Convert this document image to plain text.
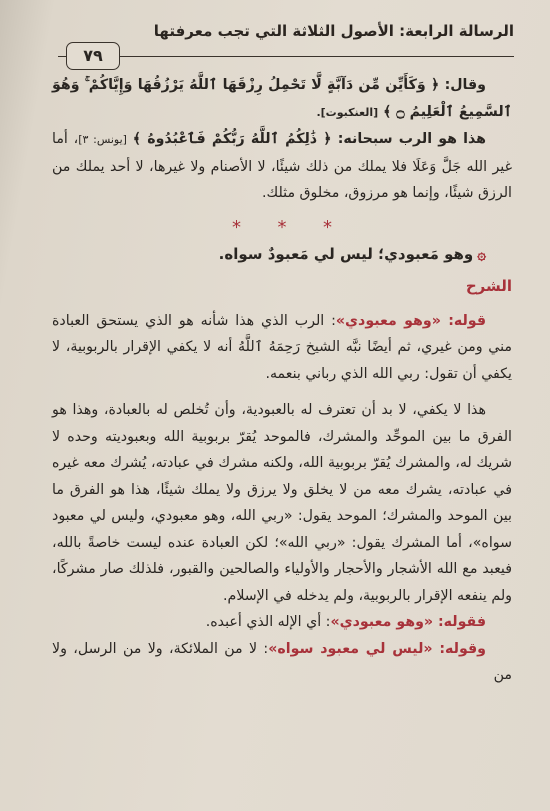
الرسالة الرابعة: الأصول الثلاثة التي تجب معرفتها
٧٩

وقال: ﴿ وَكَأَيِّن مِّن دَآبَّةٍ لَّا تَحْمِلُ رِزْقَهَا ٱللَّهُ يَرْزُقُهَا وَإِيَّاكُمْ ۚ وَهُوَ ٱلسَّمِيعُ ٱلْعَلِيمُ ۝ ﴾ [العنكبوت].

هذا هو الرب سبحانه: ﴿ ذَٰلِكُمُ ٱللَّهُ رَبُّكُمْ فَٱعْبُدُوهُ ﴾ [يونس: ٣]، أما غير الله جَلَّ وَعَلَا فلا يملك من ذلك شيئًا، لا الأصنام ولا غيرها، لا أحد يملك من الرزق شيئًا، وإنما هو مرزوق، مخلوق مثلك.

* * *

۞وهو مَعبودي؛ ليس لي مَعبودٌ سواه.

الشرح

قوله: «وهو معبودي»: الرب الذي هذا شأنه هو الذي يستحق العبادة مني ومن غيري، ثم أيضًا نبَّه الشيخ رَحِمَهُ ٱللَّهُ أنه لا يكفي الإقرار بالربوبية، لا يكفي أن تقول: ربي الله الذي رباني بنعمه.

هذا لا يكفي، لا بد أن تعترف له بالعبودية، وأن تُخلص له بالعبادة، وهذا هو الفرق ما بين الموحِّد والمشرك، فالموحد يُقرّ بربوبية الله وبعبوديته وحده لا شريك له، والمشرك يُقرّ بربوبية الله، ولكنه مشرك في عبادته، يُشرك معه غيره في عبادته، يشرك معه من لا يخلق ولا يرزق ولا يملك شيئًا، هذا هو الفرق ما بين الموحد والمشرك؛ الموحد يقول: «ربي الله، وهو معبودي، وليس لي معبود سواه»، أما المشرك يقول: «ربي الله»؛ لكن العبادة عنده ليست خاصةً بالله، فيعبد مع الله الأشجار والأحجار والأولياء والصالحين والقبور، فلذلك صار مشركًا، ولم ينفعه الإقرار بالربوبية، ولم يدخله في الإسلام.

فقوله: «وهو معبودي»: أي الإله الذي أعبده.

وقوله: «ليس لي معبود سواه»: لا من الملائكة، ولا من الرسل، ولا من
